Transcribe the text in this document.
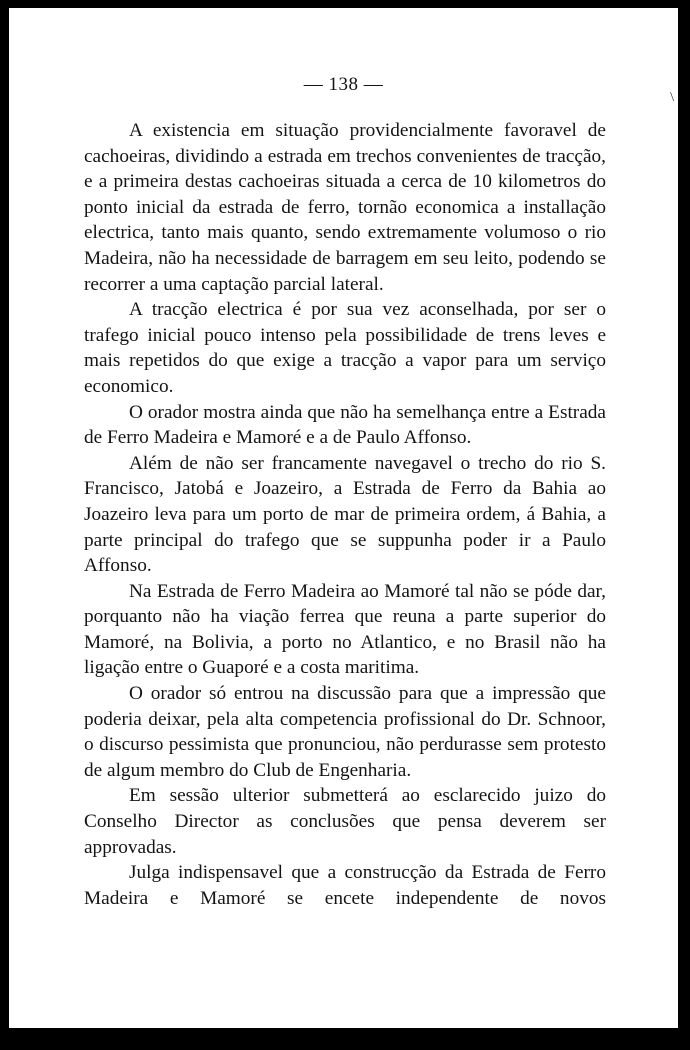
— 138 —
\

A existencia em situação providencialmente favoravel de cachoeiras, dividindo a estrada em trechos convenientes de tracção, e a primeira destas cachoeiras situada a cerca de 10 kilometros do ponto inicial da estrada de ferro, tornão economica a installação electrica, tanto mais quanto, sendo extremamente volumoso o rio Madeira, não ha necessidade de barragem em seu leito, podendo se recorrer a uma captação parcial lateral.

A tracção electrica é por sua vez aconselhada, por ser o trafego inicial pouco intenso pela possibilidade de trens leves e mais repetidos do que exige a tracção a vapor para um serviço economico.

O orador mostra ainda que não ha semelhança entre a Estrada de Ferro Madeira e Mamoré e a de Paulo Affonso.

Além de não ser francamente navegavel o trecho do rio S. Francisco, Jatobá e Joazeiro, a Estrada de Ferro da Bahia ao Joazeiro leva para um porto de mar de primeira ordem, á Bahia, a parte principal do trafego que se suppunha poder ir a Paulo Affonso.

Na Estrada de Ferro Madeira ao Mamoré tal não se póde dar, porquanto não ha viação ferrea que reuna a parte superior do Mamoré, na Bolivia, a porto no Atlantico, e no Brasil não ha ligação entre o Guaporé e a costa maritima.

O orador só entrou na discussão para que a impressão que poderia deixar, pela alta competencia profissional do Dr. Schnoor, o discurso pessimista que pronunciou, não perdurasse sem protesto de algum membro do Club de Engenharia.

Em sessão ulterior submetterá ao esclarecido juizo do Conselho Director as conclusões que pensa deverem ser approvadas.

Julga indispensavel que a construcção da Estrada de Ferro Madeira e Mamoré se encete independente de novos
